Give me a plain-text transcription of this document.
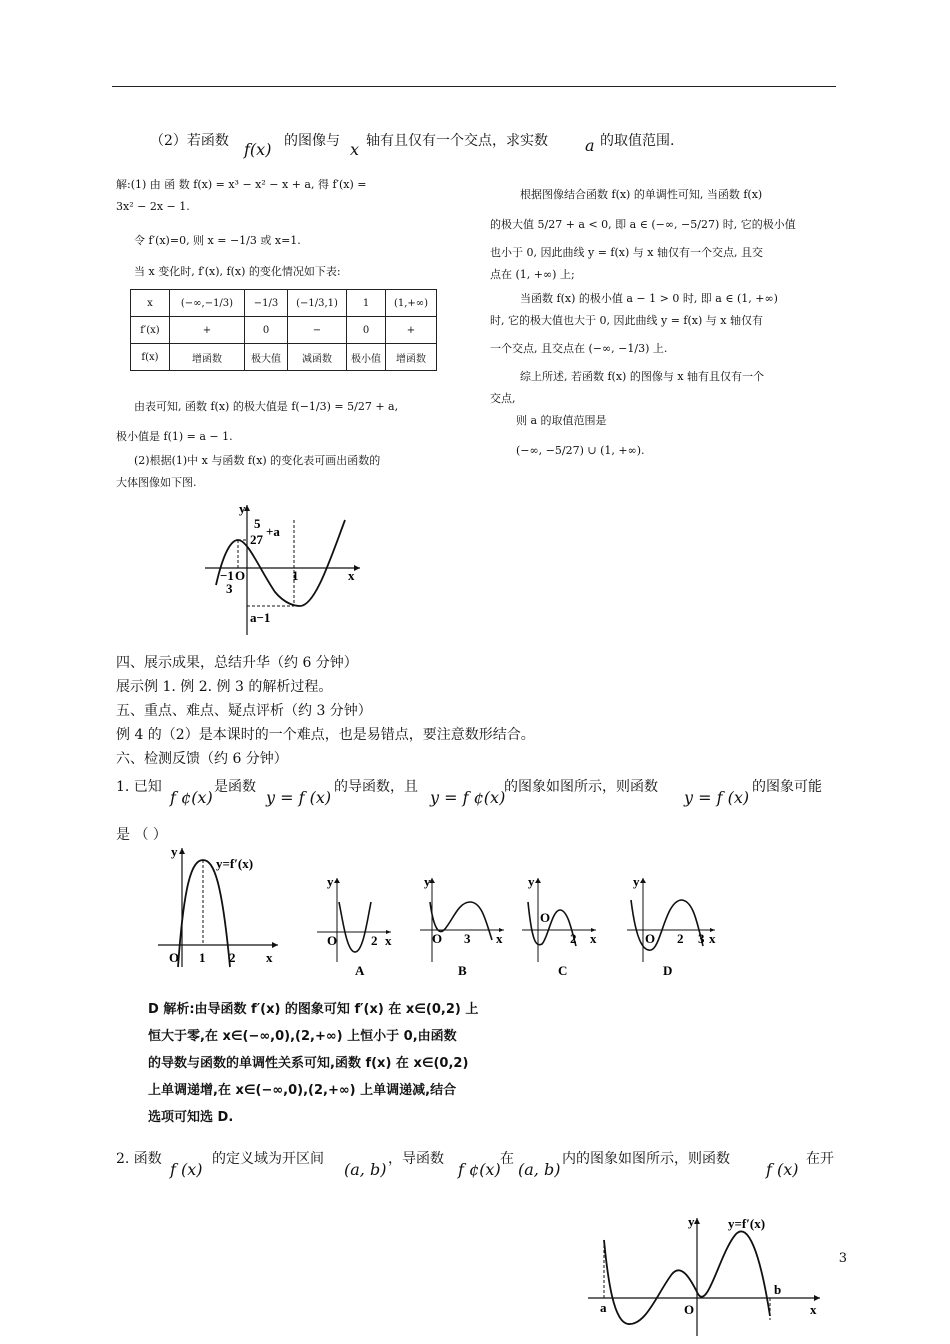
（2）若函数 f(x) 的图像与 x 轴有且仅有一个交点，求实数 a 的取值范围.
解:(1) 由 函 数 f(x) = x³ − x² − x + a, 得 f′(x) =
3x² − 2x − 1.
令 f′(x)=0, 则 x = −1/3 或 x=1.
当 x 变化时, f′(x), f(x) 的变化情况如下表:
x	(−∞,−1/3)	−1/3	(−1/3,1)	1	(1,+∞)
f′(x)	+	0	−	0	+
f(x)	增函数	极大值	减函数	极小值	增函数
由表可知, 函数 f(x) 的极大值是 f(−1/3) = 5/27 + a,
极小值是 f(1) = a − 1.
(2)根据(1)中 x 与函数 f(x) 的变化表可画出函数的
大体图像如下图.
根据图像结合函数 f(x) 的单调性可知, 当函数 f(x)
的极大值 5/27 + a < 0, 即 a ∈ (−∞, −5/27) 时, 它的极小值
也小于 0, 因此曲线 y = f(x) 与 x 轴仅有一个交点, 且交
点在 (1, +∞) 上;
当函数 f(x) 的极小值 a − 1 > 0 时, 即 a ∈ (1, +∞)
时, 它的极大值也大于 0, 因此曲线 y = f(x) 与 x 轴仅有
一个交点, 且交点在 (−∞, −1/3) 上.
综上所述, 若函数 f(x) 的图像与 x 轴有且仅有一个
交点,
则 a 的取值范围是
(−∞, −5/27) ∪ (1, +∞).
y
x
O	1
−1
3
5
27
+a
a−1
四、展示成果，总结升华（约 6 分钟）
展示例 1. 例 2. 例 3 的解析过程。
五、重点、难点、疑点评析（约 3 分钟）
例 4 的（2）是本课时的一个难点，也是易错点，要注意数形结合。
六、检测反馈（约 6 分钟）
1. 已知
f ¢(x)
是函数
y = f (x)
的导函数，且
y = f ¢(x)
的图象如图所示，则函数
y = f (x)
的图象可能
是 （ ）
y
y=f′(x)
x
O 1 2
y
x
O	2
A
y
x
O 3
B
y
x
O
2
C
y
x
O 2 3
D
D 解析:由导函数 f′(x) 的图象可知 f′(x) 在 x∈(0,2) 上
恒大于零,在 x∈(−∞,0),(2,+∞) 上恒小于 0,由函数
的导数与函数的单调性关系可知,函数 f(x) 在 x∈(0,2)
上单调递增,在 x∈(−∞,0),(2,+∞) 上单调递减,结合
选项可知选 D.
2. 函数
f (x)
的定义域为开区间
(a, b)
，导函数
f ¢(x)
在
(a, b)
内的图象如图所示，则函数
f (x)
在开
y	y=f′(x)
a
b
O	x
3
